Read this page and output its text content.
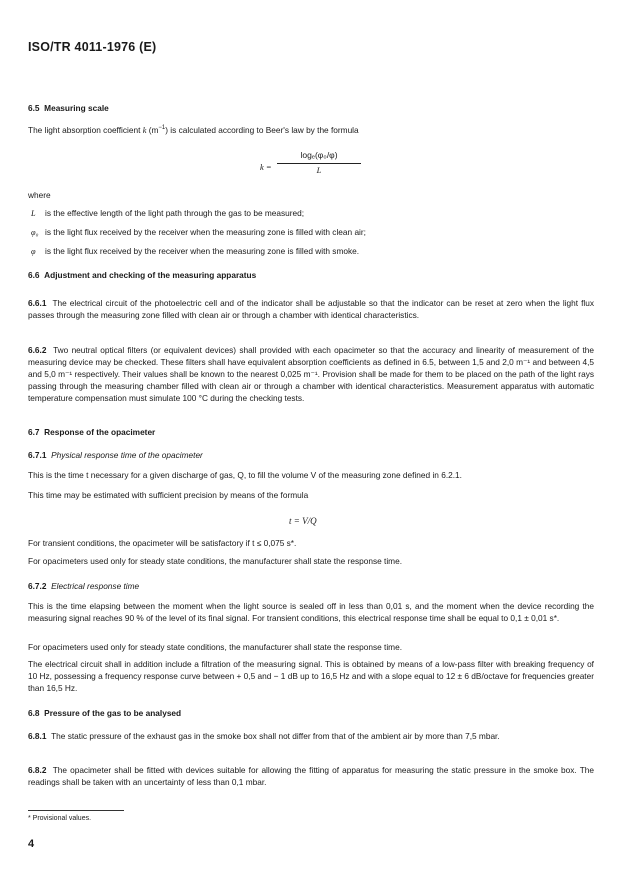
ISO/TR 4011-1976 (E)
6.5 Measuring scale
The light absorption coefficient k $(m^{-1})$ is calculated according to Beer's law by the formula
k =
logₑ(φ₀/φ)
L
where
L is the effective length of the light path through the gas to be measured;
φ₀ is the light flux received by the receiver when the measuring zone is filled with clean air;
φ is the light flux received by the receiver when the measuring zone is filled with smoke.
6.6 Adjustment and checking of the measuring apparatus
6.6.1 The electrical circuit of the photoelectric cell and of the indicator shall be adjustable so that the indicator can be reset at zero when the light flux passes through the measuring zone filled with clean air or through a chamber with identical characteristics.
6.6.2 Two neutral optical filters (or equivalent devices) shall provided with each opacimeter so that the accuracy and linearity of measurement of the measuring device may be checked. These filters shall have equivalent absorption coefficients as defined in 6.5, between 1,5 and 2,0 m⁻¹ and between 4,5 and 5,0 m⁻¹ respectively. Their values shall be known to the nearest 0,025 m⁻¹. Provision shall be made for them to be placed on the path of the light rays passing through the measuring chamber filled with clean air or through a chamber with identical characteristics. Measurement apparatus with automatic temperature compensation must simulate 100 °C during the checking tests.
6.7 Response of the opacimeter
6.7.1 Physical response time of the opacimeter
This is the time t necessary for a given discharge of gas, Q, to fill the volume V of the measuring zone defined in 6.2.1.
This time may be estimated with sufficient precision by means of the formula
t = V/Q
For transient conditions, the opacimeter will be satisfactory if t ≤ 0,075 s*.
For opacimeters used only for steady state conditions, the manufacturer shall state the response time.
6.7.2 Electrical response time
This is the time elapsing between the moment when the light source is sealed off in less than 0,01 s, and the moment when the device recording the measuring signal reaches 90 % of the level of its final signal. For transient conditions, this electrical response time shall be equal to 0,1 ± 0,01 s*.
For opacimeters used only for steady state conditions, the manufacturer shall state the response time.
The electrical circuit shall in addition include a filtration of the measuring signal. This is obtained by means of a low-pass filter with breaking frequency of 10 Hz, possessing a frequency response curve between + 0,5 and − 1 dB up to 16,5 Hz and with a slope equal to 12 ± 6 dB/octave for frequencies greater than 16,5 Hz.
6.8 Pressure of the gas to be analysed
6.8.1 The static pressure of the exhaust gas in the smoke box shall not differ from that of the ambient air by more than 7,5 mbar.
6.8.2 The opacimeter shall be fitted with devices suitable for allowing the fitting of apparatus for measuring the static pressure in the smoke box. The readings shall be taken with an uncertainty of less than 0,1 mbar.
* Provisional values.
4
